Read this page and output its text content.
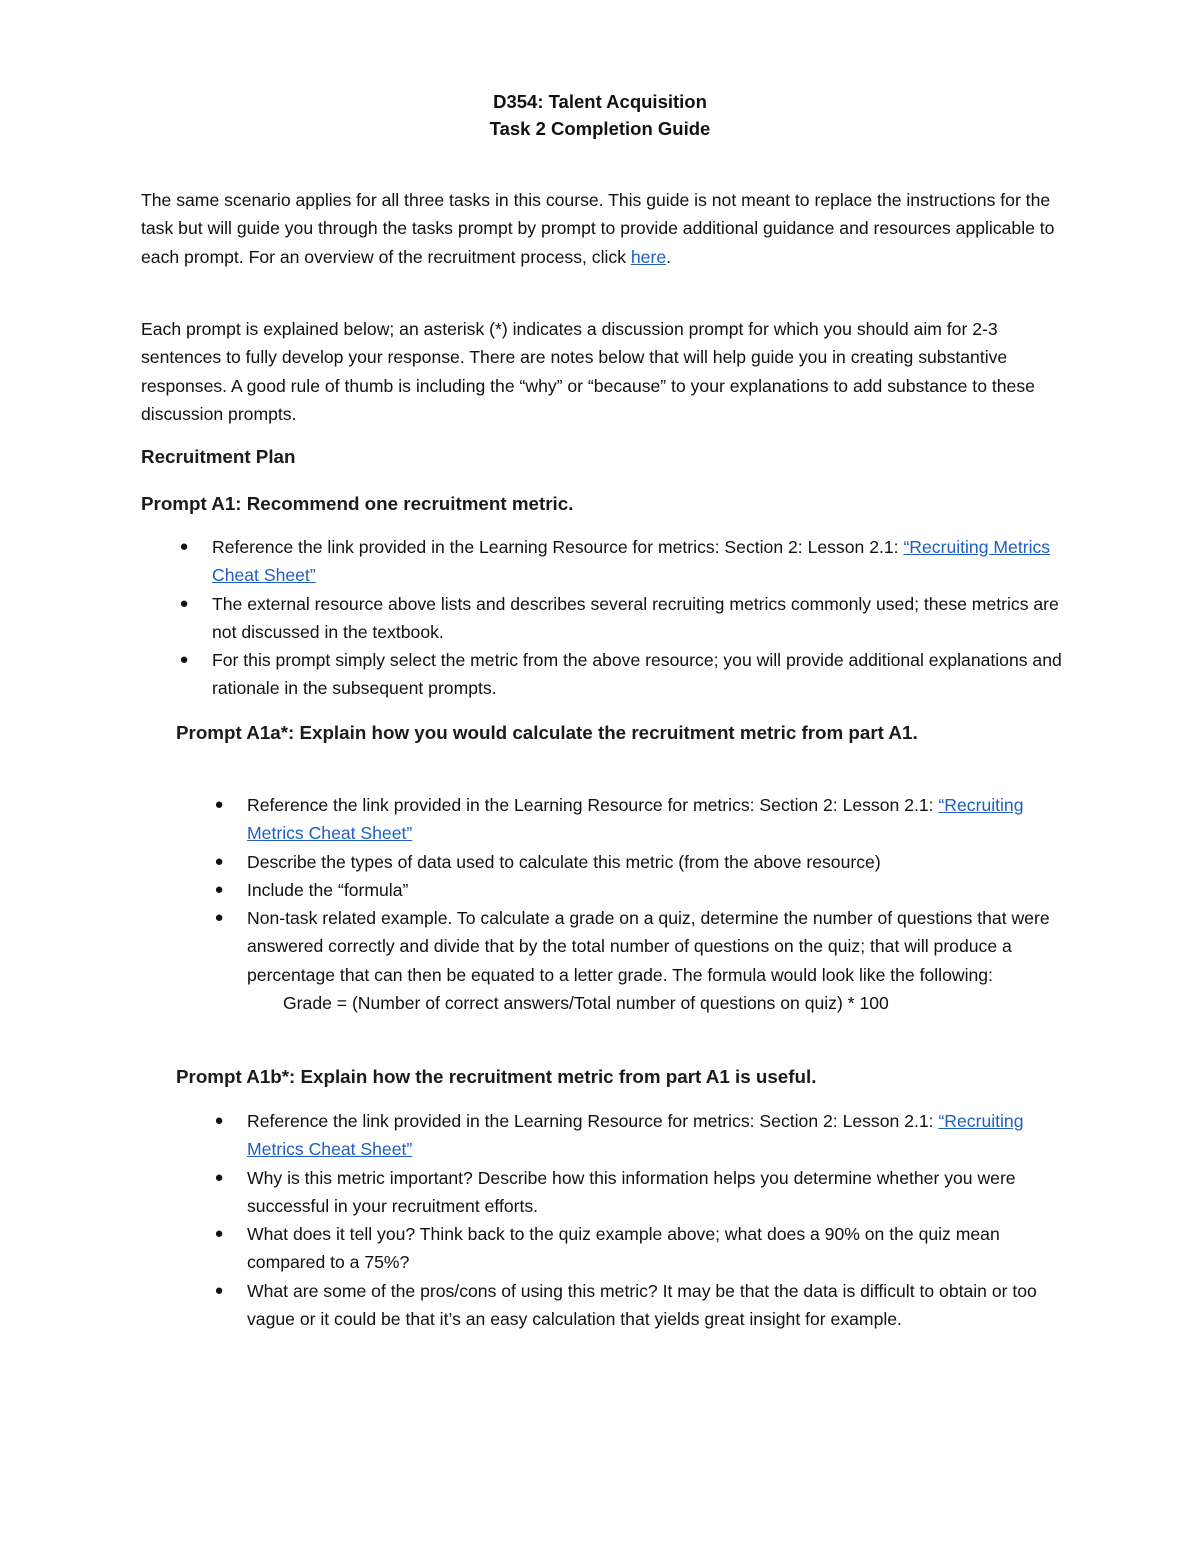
D354: Talent Acquisition
Task 2 Completion Guide

The same scenario applies for all three tasks in this course. This guide is not meant to replace the instructions for the task but will guide you through the tasks prompt by prompt to provide additional guidance and resources applicable to each prompt. For an overview of the recruitment process, click here.

Each prompt is explained below; an asterisk (*) indicates a discussion prompt for which you should aim for 2-3 sentences to fully develop your response. There are notes below that will help guide you in creating substantive responses. A good rule of thumb is including the “why” or “because” to your explanations to add substance to these discussion prompts.

Recruitment Plan
Prompt A1: Recommend one recruitment metric.
●	Reference the link provided in the Learning Resource for metrics: Section 2: Lesson 2.1: “Recruiting Metrics Cheat Sheet”
●	The external resource above lists and describes several recruiting metrics commonly used; these metrics are not discussed in the textbook.
●	For this prompt simply select the metric from the above resource; you will provide additional explanations and rationale in the subsequent prompts.
Prompt A1a*: Explain how you would calculate the recruitment metric from part A1.
●	Reference the link provided in the Learning Resource for metrics: Section 2: Lesson 2.1: “Recruiting Metrics Cheat Sheet”
●	Describe the types of data used to calculate this metric (from the above resource)
●	Include the “formula”
●	Non-task related example. To calculate a grade on a quiz, determine the number of questions that were answered correctly and divide that by the total number of questions on the quiz; that will produce a percentage that can then be equated to a letter grade. The formula would look like the following:
Grade = (Number of correct answers/Total number of questions on quiz) * 100
Prompt A1b*: Explain how the recruitment metric from part A1 is useful.
●	Reference the link provided in the Learning Resource for metrics: Section 2: Lesson 2.1: “Recruiting Metrics Cheat Sheet”
●	Why is this metric important? Describe how this information helps you determine whether you were successful in your recruitment efforts.
●	What does it tell you? Think back to the quiz example above; what does a 90% on the quiz mean compared to a 75%?
●	What are some of the pros/cons of using this metric? It may be that the data is difficult to obtain or too vague or it could be that it’s an easy calculation that yields great insight for example.
